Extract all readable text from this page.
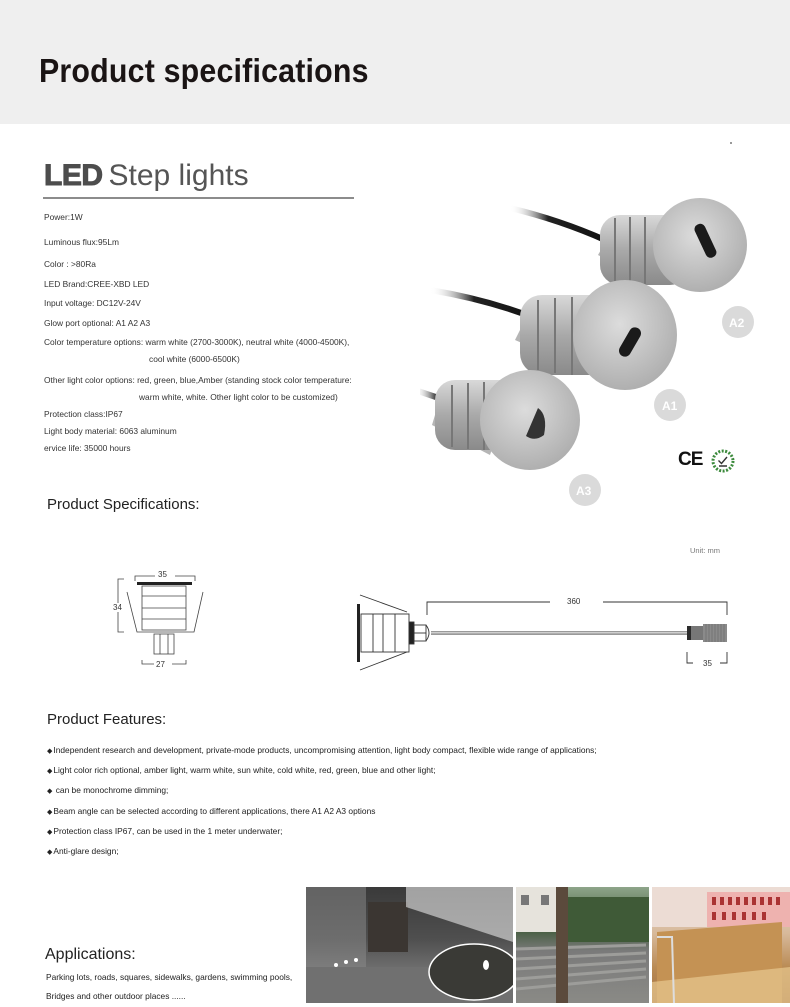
Product specifications
LED Step lights
Power:1W
Luminous flux:95Lm
Color : >80Ra
LED Brand:CREE-XBD LED
Input voltage: DC12V-24V
Glow port optional: A1 A2 A3
Color temperature options: warm white (2700-3000K), neutral white (4000-4500K),
cool white (6000-6500K)
Other light color options: red, green, blue,Amber (standing stock color temperature:
warm white, white. Other light color to be customized)
Protection class:IP67
Light body material: 6063 aluminum
ervice life: 35000 hours
A2
A1
A3
CE
Product Specifications:
Unit: mm
35
34
27
360
35
Product Features:
◆Independent research and development, private-mode products, uncompromising attention, light body compact, flexible wide range of applications;
◆Light color rich optional, amber light, warm white, sun white, cold white, red, green, blue and other light;
◆ can be monochrome dimming;
◆Beam angle can be selected according to different applications, there A1 A2 A3 options
◆Protection class IP67, can be used in the 1 meter underwater;
◆Anti-glare design;
Applications:
Parking lots, roads, squares, sidewalks, gardens, swimming pools,
Bridges and other outdoor places ......
